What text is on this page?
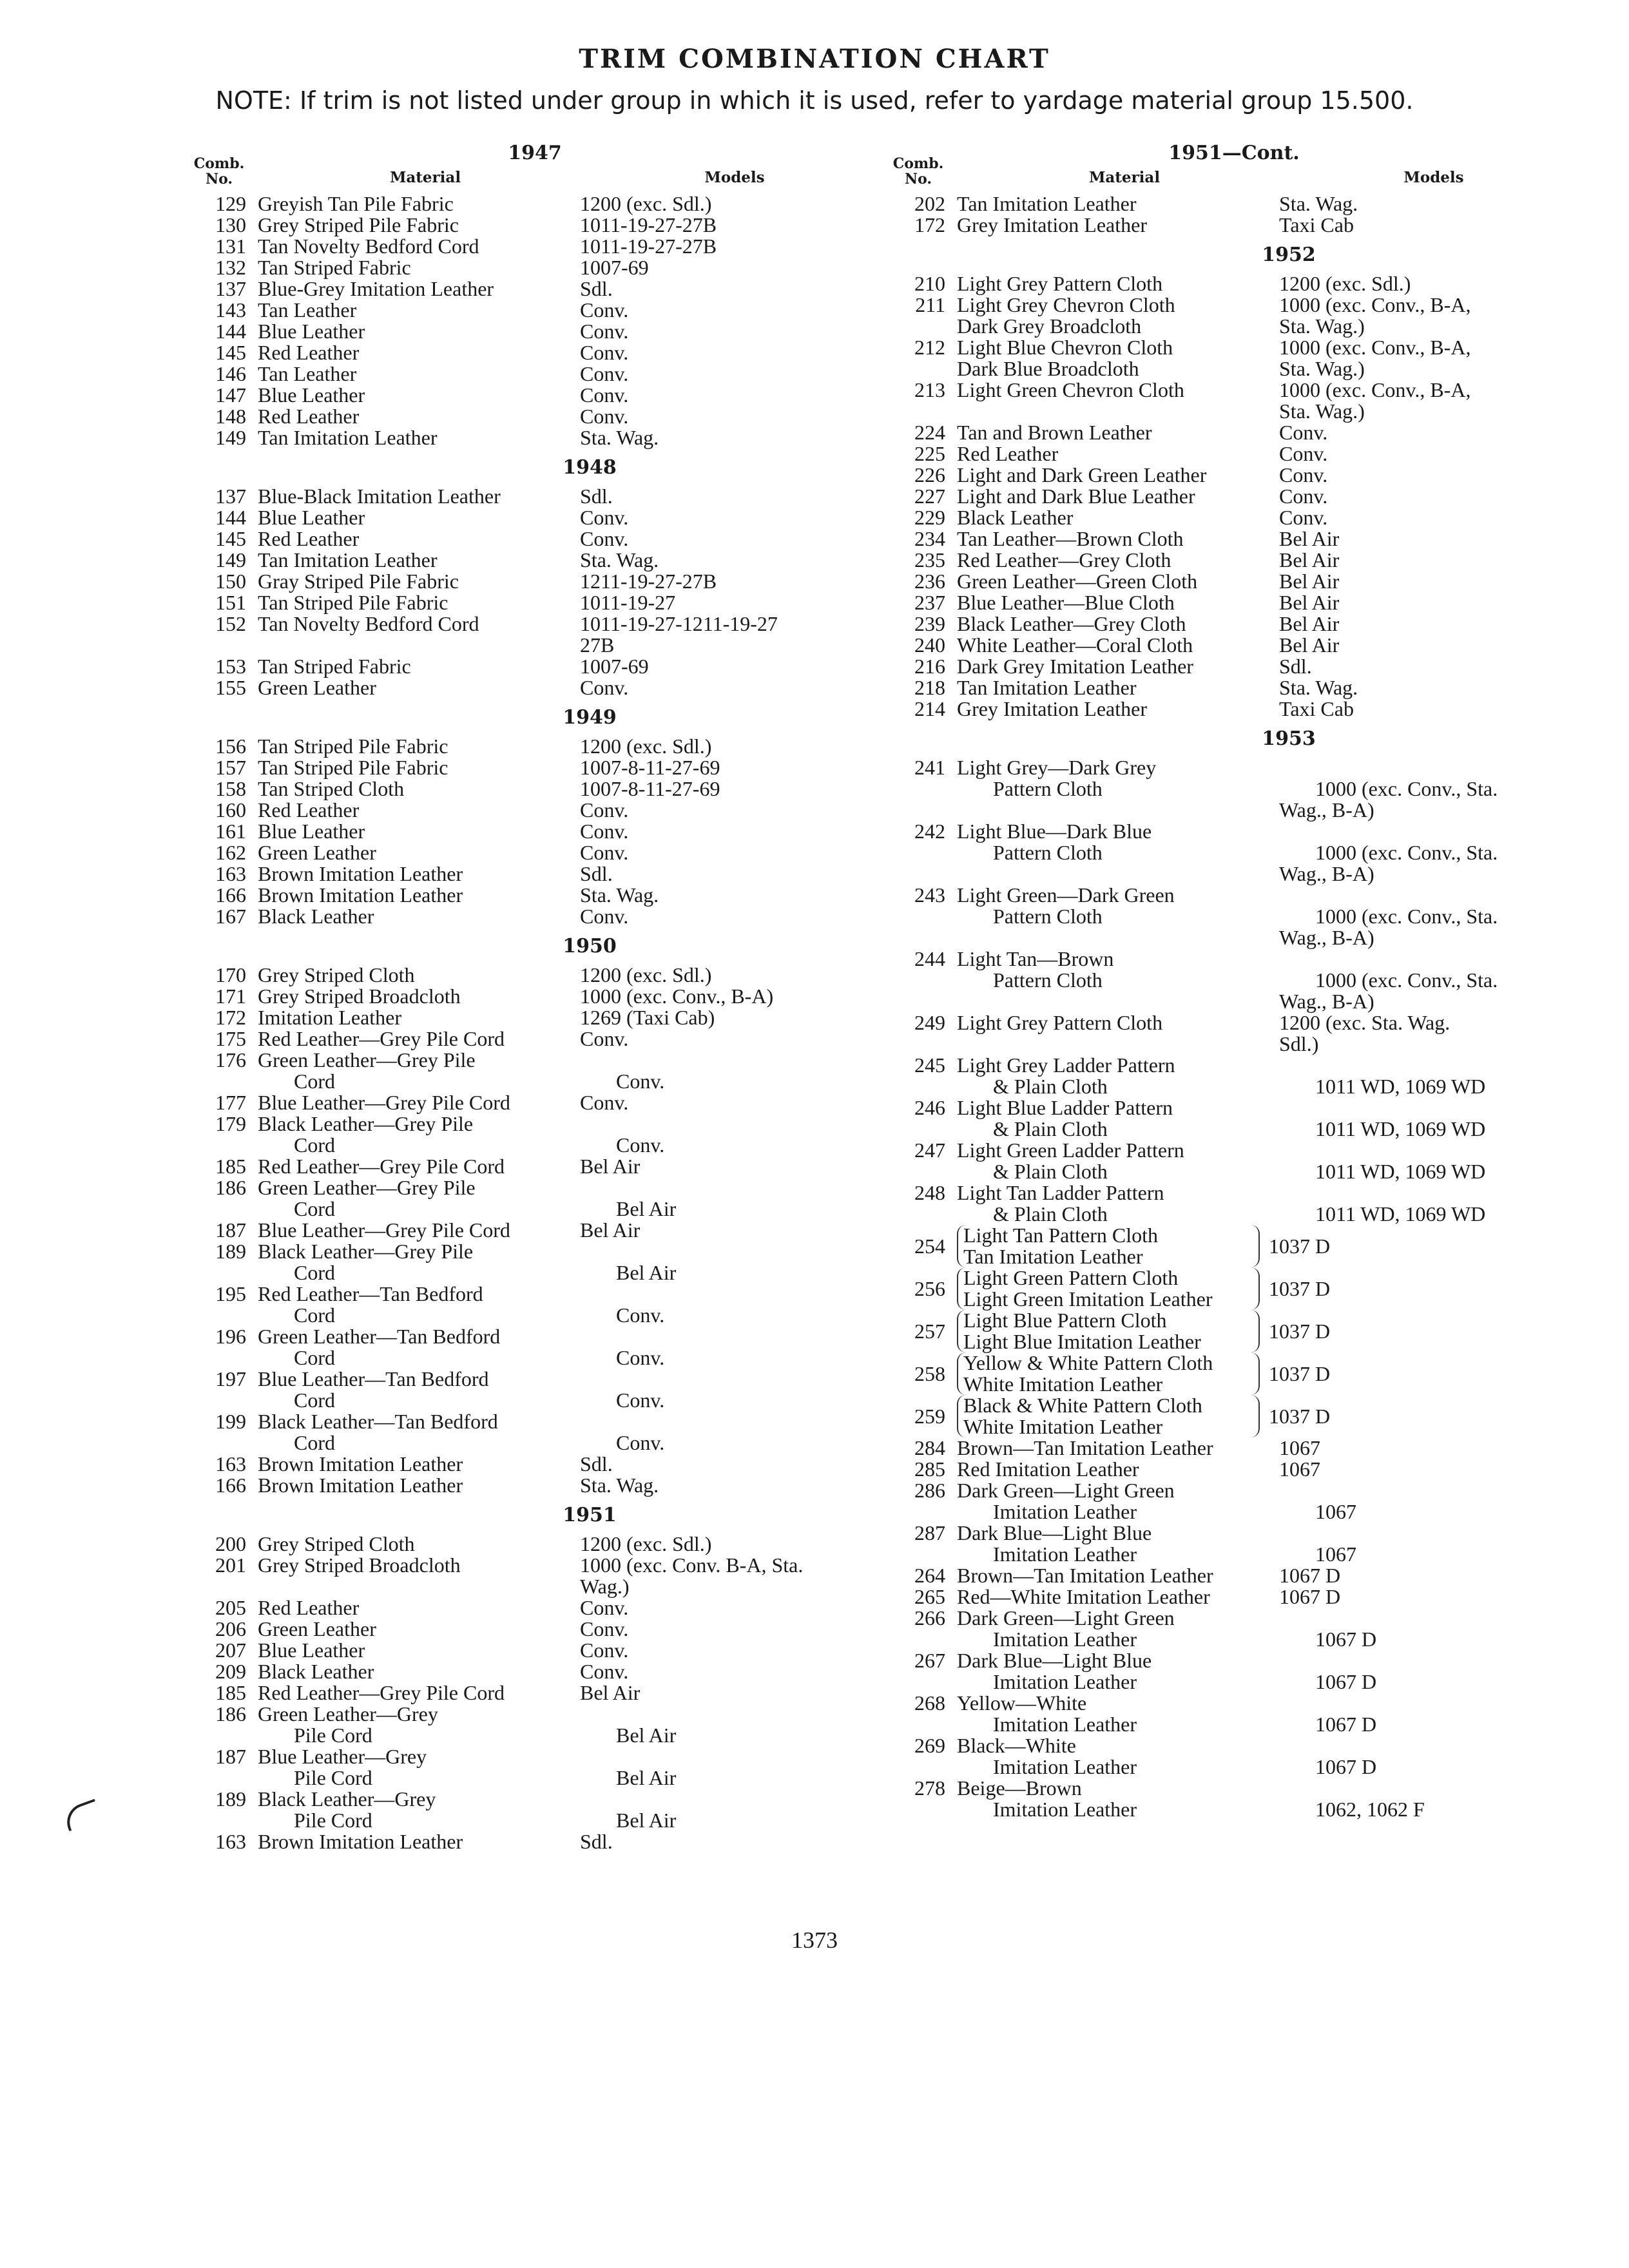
TRIM COMBINATION CHART
NOTE: If trim is not listed under group in which it is used, refer to yardage material group 15.500.
Comb. No.
1947
Material	Models
129 Greyish Tan Pile Fabric	1200 (exc. Sdl.)
130 Grey Striped Pile Fabric	1011-19-27-27B
131 Tan Novelty Bedford Cord	1011-19-27-27B
132 Tan Striped Fabric	1007-69
137 Blue-Grey Imitation Leather	Sdl.
143 Tan Leather	Conv.
144 Blue Leather	Conv.
145 Red Leather	Conv.
146 Tan Leather	Conv.
147 Blue Leather	Conv.
148 Red Leather	Conv.
149 Tan Imitation Leather	Sta. Wag.
1948
137 Blue-Black Imitation Leather	Sdl.
144 Blue Leather	Conv.
145 Red Leather	Conv.
149 Tan Imitation Leather	Sta. Wag.
150 Gray Striped Pile Fabric	1211-19-27-27B
151 Tan Striped Pile Fabric	1011-19-27
152 Tan Novelty Bedford Cord	1011-19-27-1211-19-27
27B
153 Tan Striped Fabric	1007-69
155 Green Leather	Conv.
1949
156 Tan Striped Pile Fabric	1200 (exc. Sdl.)
157 Tan Striped Pile Fabric	1007-8-11-27-69
158 Tan Striped Cloth	1007-8-11-27-69
160 Red Leather	Conv.
161 Blue Leather	Conv.
162 Green Leather	Conv.
163 Brown Imitation Leather	Sdl.
166 Brown Imitation Leather	Sta. Wag.
167 Black Leather	Conv.
1950
170 Grey Striped Cloth	1200 (exc. Sdl.)
171 Grey Striped Broadcloth	1000 (exc. Conv., B-A)
172 Imitation Leather	1269 (Taxi Cab)
175 Red Leather—Grey Pile Cord	Conv.
176 Green Leather—Grey Pile
Cord	Conv.
177 Blue Leather—Grey Pile Cord	Conv.
179 Black Leather—Grey Pile
Cord	Conv.
185 Red Leather—Grey Pile Cord	Bel Air
186 Green Leather—Grey Pile
Cord	Bel Air
187 Blue Leather—Grey Pile Cord	Bel Air
189 Black Leather—Grey Pile
Cord	Bel Air
195 Red Leather—Tan Bedford
Cord	Conv.
196 Green Leather—Tan Bedford
Cord	Conv.
197 Blue Leather—Tan Bedford
Cord	Conv.
199 Black Leather—Tan Bedford
Cord	Conv.
163 Brown Imitation Leather	Sdl.
166 Brown Imitation Leather	Sta. Wag.
1951
200 Grey Striped Cloth	1200 (exc. Sdl.)
201 Grey Striped Broadcloth	1000 (exc. Conv. B-A, Sta.
Wag.)
205 Red Leather	Conv.
206 Green Leather	Conv.
207 Blue Leather	Conv.
209 Black Leather	Conv.
185 Red Leather—Grey Pile Cord	Bel Air
186 Green Leather—Grey
Pile Cord	Bel Air
187 Blue Leather—Grey
Pile Cord	Bel Air
189 Black Leather—Grey
Pile Cord	Bel Air
163 Brown Imitation Leather	Sdl.
Comb. No.
1951—Cont.
Material	Models
202 Tan Imitation Leather	Sta. Wag.
172 Grey Imitation Leather	Taxi Cab
1952
210 Light Grey Pattern Cloth	1200 (exc. Sdl.)
211 Light Grey Chevron Cloth	1000 (exc. Conv., B-A,
Dark Grey Broadcloth	Sta. Wag.)
212 Light Blue Chevron Cloth	1000 (exc. Conv., B-A,
Dark Blue Broadcloth	Sta. Wag.)
213 Light Green Chevron Cloth	1000 (exc. Conv., B-A,
Sta. Wag.)
224 Tan and Brown Leather	Conv.
225 Red Leather	Conv.
226 Light and Dark Green Leather	Conv.
227 Light and Dark Blue Leather	Conv.
229 Black Leather	Conv.
234 Tan Leather—Brown Cloth	Bel Air
235 Red Leather—Grey Cloth	Bel Air
236 Green Leather—Green Cloth	Bel Air
237 Blue Leather—Blue Cloth	Bel Air
239 Black Leather—Grey Cloth	Bel Air
240 White Leather—Coral Cloth	Bel Air
216 Dark Grey Imitation Leather	Sdl.
218 Tan Imitation Leather	Sta. Wag.
214 Grey Imitation Leather	Taxi Cab
1953
241 Light Grey—Dark Grey
Pattern Cloth	1000 (exc. Conv., Sta.
Wag., B-A)
242 Light Blue—Dark Blue
Pattern Cloth	1000 (exc. Conv., Sta.
Wag., B-A)
243 Light Green—Dark Green
Pattern Cloth	1000 (exc. Conv., Sta.
Wag., B-A)
244 Light Tan—Brown
Pattern Cloth	1000 (exc. Conv., Sta.
Wag., B-A)
249 Light Grey Pattern Cloth	1200 (exc. Sta. Wag.
Sdl.)
245 Light Grey Ladder Pattern
& Plain Cloth	1011 WD, 1069 WD
246 Light Blue Ladder Pattern
& Plain Cloth	1011 WD, 1069 WD
247 Light Green Ladder Pattern
& Plain Cloth	1011 WD, 1069 WD
248 Light Tan Ladder Pattern
& Plain Cloth	1011 WD, 1069 WD
254 Light Tan Pattern Cloth
Tan Imitation Leather	1037 D
256 Light Green Pattern Cloth
Light Green Imitation Leather	1037 D
257 Light Blue Pattern Cloth
Light Blue Imitation Leather	1037 D
258 Yellow & White Pattern Cloth
White Imitation Leather	1037 D
259 Black & White Pattern Cloth
White Imitation Leather	1037 D
284 Brown—Tan Imitation Leather	1067
285 Red Imitation Leather	1067
286 Dark Green—Light Green
Imitation Leather	1067
287 Dark Blue—Light Blue
Imitation Leather	1067
264 Brown—Tan Imitation Leather	1067 D
265 Red—White Imitation Leather	1067 D
266 Dark Green—Light Green
Imitation Leather	1067 D
267 Dark Blue—Light Blue
Imitation Leather	1067 D
268 Yellow—White
Imitation Leather	1067 D
269 Black—White
Imitation Leather	1067 D
278 Beige—Brown
Imitation Leather	1062, 1062 F
1373
